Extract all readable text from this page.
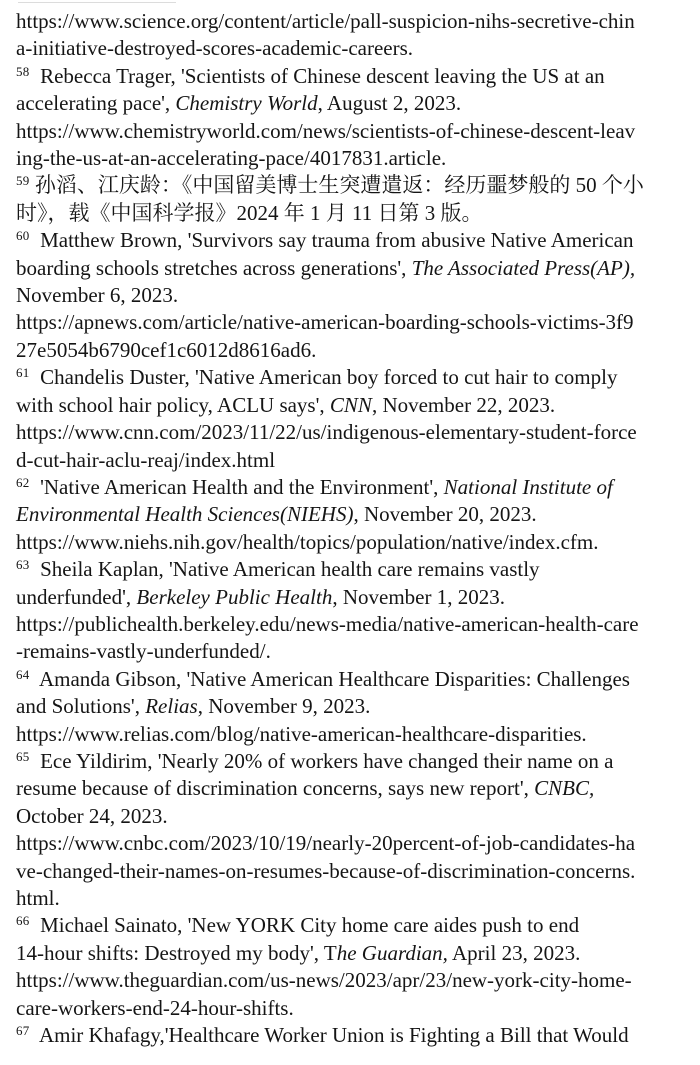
https://www.science.org/content/article/pall-suspicion-nihs-secretive-chin
a-initiative-destroyed-scores-academic-careers.
$^{58}$  Rebecca Trager, 'Scientists of Chinese descent leaving the US at an
accelerating pace', Chemistry World, August 2, 2023.
https://www.chemistryworld.com/news/scientists-of-chinese-descent-leav
ing-the-us-at-an-accelerating-pace/4017831.article.
$^{59}$ 孙滔、江庆龄：《中国留美博士生突遭遣返：经历噩梦般的 50 个小
时》，载《中国科学报》2024 年 1 月 11 日第 3 版。
$^{60}$  Matthew Brown, 'Survivors say trauma from abusive Native American
boarding schools stretches across generations', The Associated Press(AP),
November 6, 2023.
https://apnews.com/article/native-american-boarding-schools-victims-3f9
27e5054b6790cef1c6012d8616ad6.
$^{61}$  Chandelis Duster, 'Native American boy forced to cut hair to comply
with school hair policy, ACLU says', CNN, November 22, 2023.
https://www.cnn.com/2023/11/22/us/indigenous-elementary-student-force
d-cut-hair-aclu-reaj/index.html
$^{62}$  'Native American Health and the Environment', National Institute of
Environmental Health Sciences(NIEHS), November 20, 2023.
https://www.niehs.nih.gov/health/topics/population/native/index.cfm.
$^{63}$  Sheila Kaplan, 'Native American health care remains vastly
underfunded', Berkeley Public Health, November 1, 2023.
https://publichealth.berkeley.edu/news-media/native-american-health-care
-remains-vastly-underfunded/.
$^{64}$  Amanda Gibson, 'Native American Healthcare Disparities: Challenges
and Solutions', Relias, November 9, 2023.
https://www.relias.com/blog/native-american-healthcare-disparities.
$^{65}$  Ece Yildirim, 'Nearly 20% of workers have changed their name on a
resume because of discrimination concerns, says new report', CNBC,
October 24, 2023.
https://www.cnbc.com/2023/10/19/nearly-20percent-of-job-candidates-ha
ve-changed-their-names-on-resumes-because-of-discrimination-concerns.
html.
$^{66}$  Michael Sainato, 'New YORK City home care aides push to end
14-hour shifts: Destroyed my body', The Guardian, April 23, 2023.
https://www.theguardian.com/us-news/2023/apr/23/new-york-city-home-
care-workers-end-24-hour-shifts.
$^{67}$  Amir Khafagy,'Healthcare Worker Union is Fighting a Bill that Would
